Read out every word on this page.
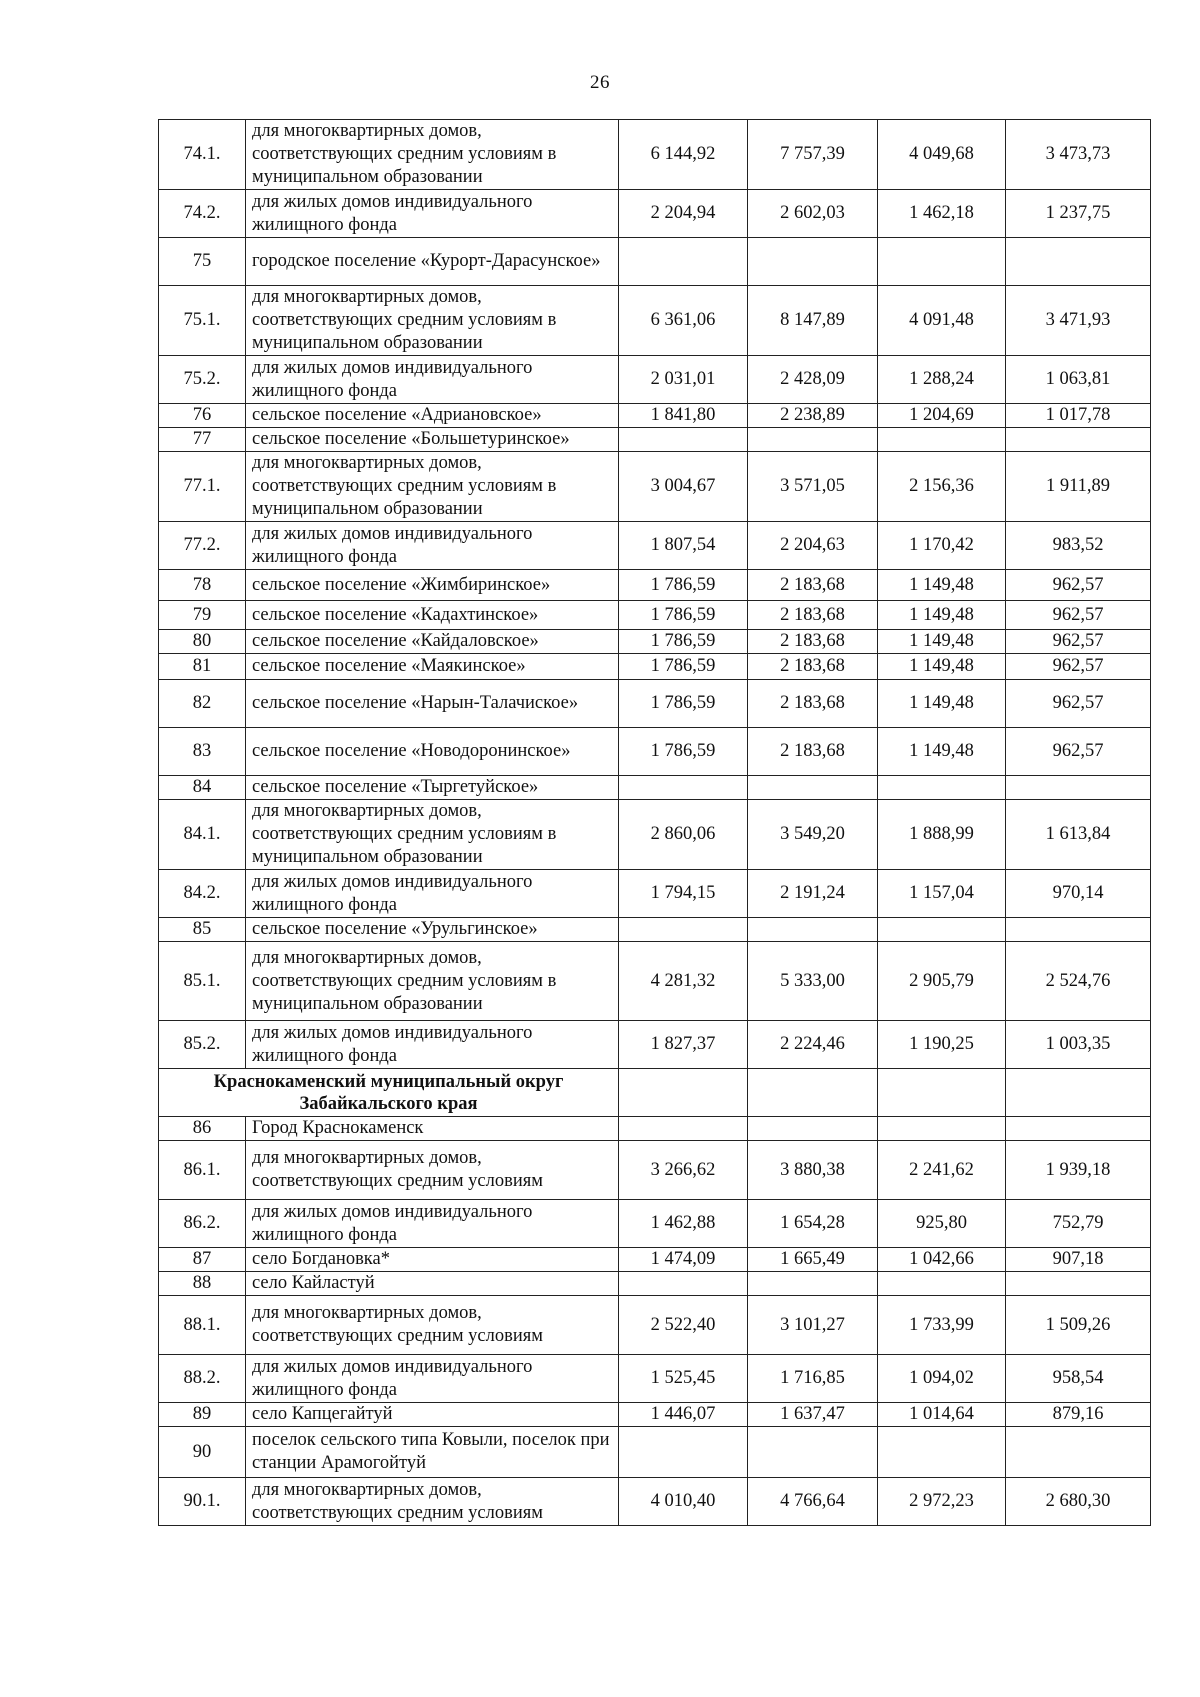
26
74.1.	для многоквартирных домов, соответствующих средним условиям в муниципальном образовании	6 144,92	7 757,39	4 049,68	3 473,73
74.2.	для жилых домов индивидуального жилищного фонда	2 204,94	2 602,03	1 462,18	1 237,75
75	городское поселение «Курорт-Дарасунское»				
75.1.	для многоквартирных домов, соответствующих средним условиям в муниципальном образовании	6 361,06	8 147,89	4 091,48	3 471,93
75.2.	для жилых домов индивидуального жилищного фонда	2 031,01	2 428,09	1 288,24	1 063,81
76	сельское поселение «Адриановское»	1 841,80	2 238,89	1 204,69	1 017,78
77	сельское поселение «Большетуринское»				
77.1.	для многоквартирных домов, соответствующих средним условиям в муниципальном образовании	3 004,67	3 571,05	2 156,36	1 911,89
77.2.	для жилых домов индивидуального жилищного фонда	1 807,54	2 204,63	1 170,42	983,52
78	сельское поселение «Жимбиринское»	1 786,59	2 183,68	1 149,48	962,57
79	сельское поселение «Кадахтинское»	1 786,59	2 183,68	1 149,48	962,57
80	сельское поселение «Кайдаловское»	1 786,59	2 183,68	1 149,48	962,57
81	сельское поселение «Маякинское»	1 786,59	2 183,68	1 149,48	962,57
82	сельское поселение «Нарын-Талачиское»	1 786,59	2 183,68	1 149,48	962,57
83	сельское поселение «Новодоронинское»	1 786,59	2 183,68	1 149,48	962,57
84	сельское поселение «Тыргетуйское»				
84.1.	для многоквартирных домов, соответствующих средним условиям в муниципальном образовании	2 860,06	3 549,20	1 888,99	1 613,84
84.2.	для жилых домов индивидуального жилищного фонда	1 794,15	2 191,24	1 157,04	970,14
85	сельское поселение «Урульгинское»				
85.1.	для многоквартирных домов, соответствующих средним условиям в муниципальном образовании	4 281,32	5 333,00	2 905,79	2 524,76
85.2.	для жилых домов индивидуального жилищного фонда	1 827,37	2 224,46	1 190,25	1 003,35
Краснокаменский муниципальный округ Забайкальского края					
86	Город Краснокаменск				
86.1.	для многоквартирных домов, соответствующих средним условиям	3 266,62	3 880,38	2 241,62	1 939,18
86.2.	для жилых домов индивидуального жилищного фонда	1 462,88	1 654,28	925,80	752,79
87	село Богдановка*	1 474,09	1 665,49	1 042,66	907,18
88	село Кайластуй				
88.1.	для многоквартирных домов, соответствующих средним условиям	2 522,40	3 101,27	1 733,99	1 509,26
88.2.	для жилых домов индивидуального жилищного фонда	1 525,45	1 716,85	1 094,02	958,54
89	село Капцегайтуй	1 446,07	1 637,47	1 014,64	879,16
90	поселок сельского типа Ковыли, поселок при станции Арамогойтуй				
90.1.	для многоквартирных домов, соответствующих средним условиям	4 010,40	4 766,64	2 972,23	2 680,30
